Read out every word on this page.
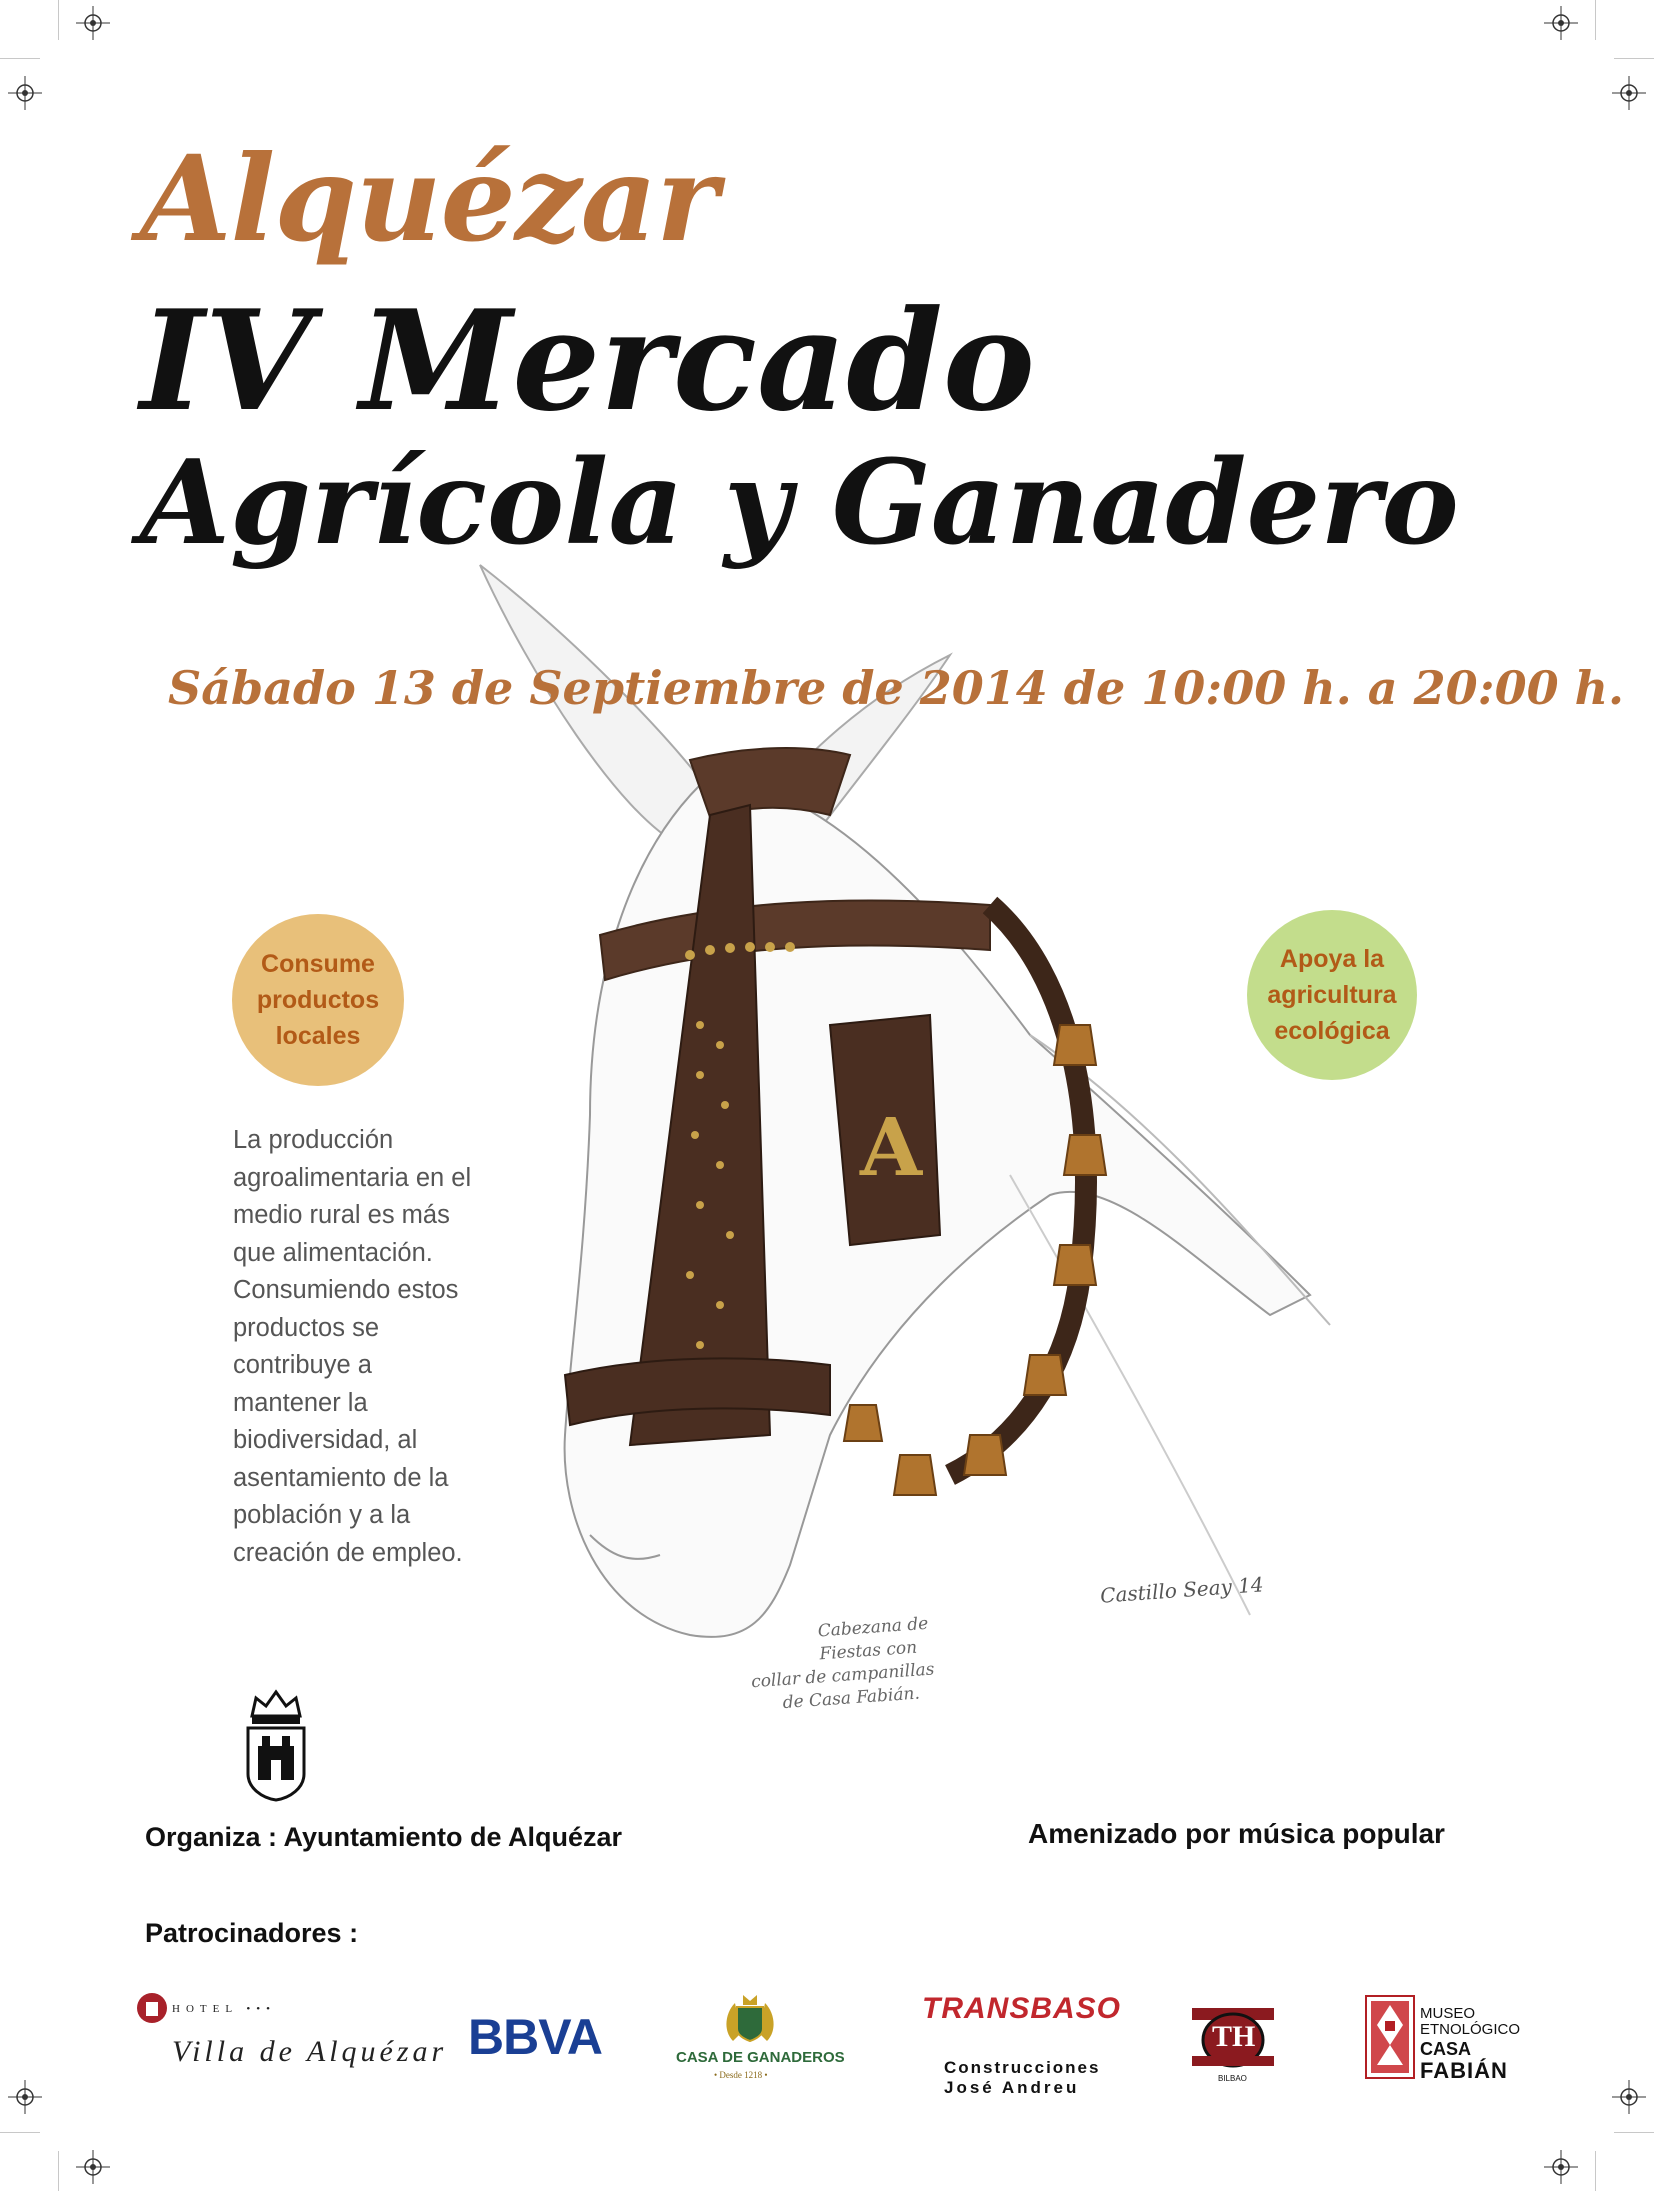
A
Cabezana de
Fiestas con
collar de campanillas
de Casa Fabián.
Castillo Seay 14
Alquézar
IV Mercado
Agrícola y Ganadero
Sábado 13 de Septiembre de 2014 de 10:00 h. a 20:00 h.
Consume
productos
locales
Apoya la
agricultura
ecológica
La producción
agroalimentaria en el
medio rural es más
que alimentación.
Consumiendo estos
productos se
contribuye a
mantener la
biodiversidad, al
asentamiento de la
población y a la
creación de empleo.
Organiza : Ayuntamiento de Alquézar	Amenizado por música popular
Patrocinadores :
HOTEL •••
Villa de Alquézar BBVA	CASA DE GANADEROS
• Desde 1218 •
TRANSBASO
Construcciones
José Andreu
TH
BILBAO
MUSEO
ETNOLÓGICO
CASA
FABIÁN
